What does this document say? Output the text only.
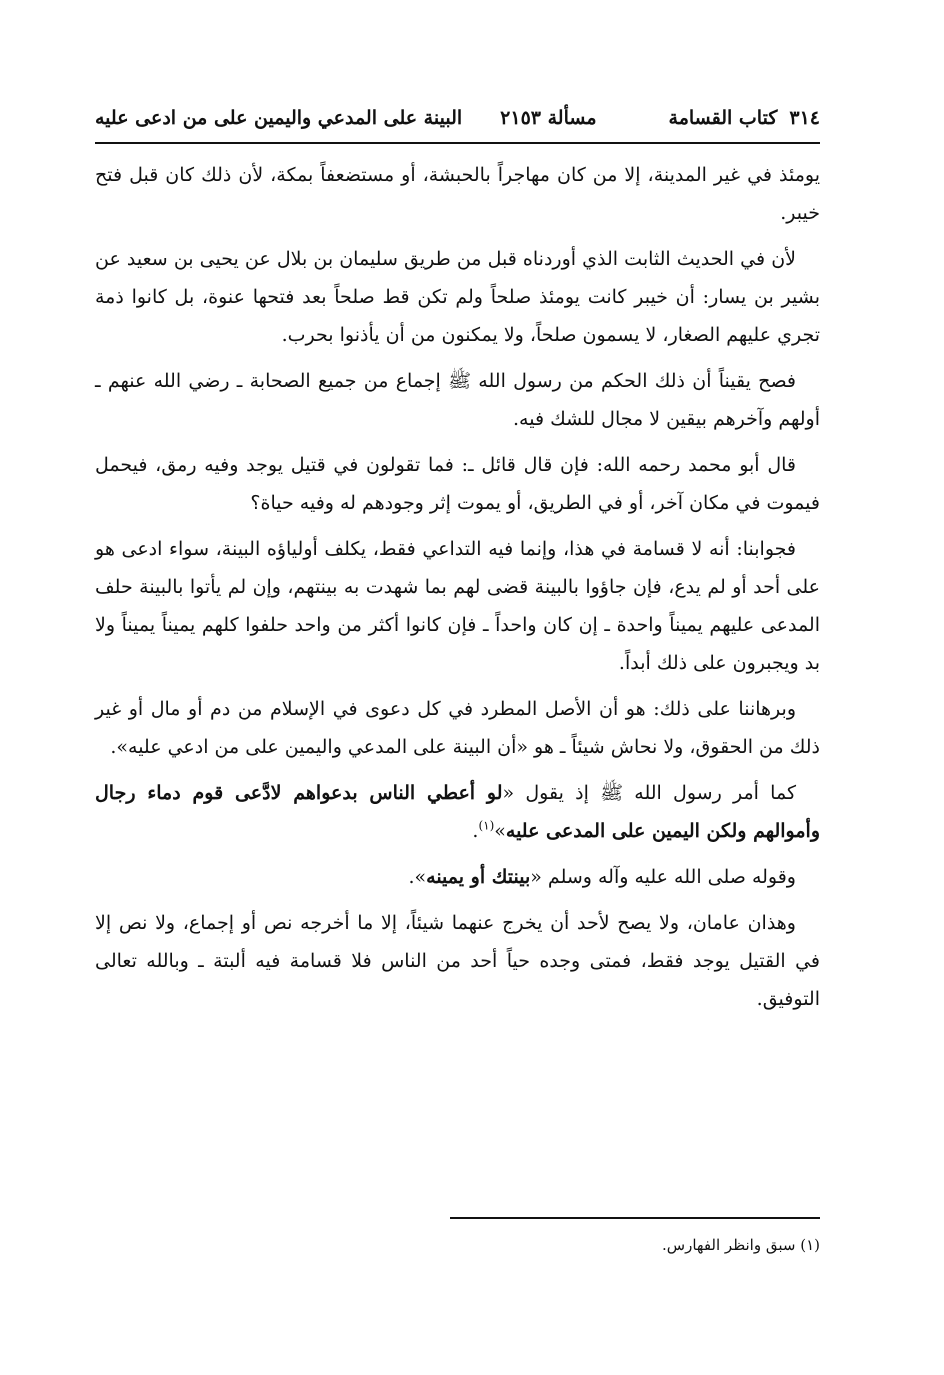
٣١٤
كتاب القسامة
مسألة ٢١٥٣
البينة على المدعي واليمين على من ادعى عليه

يومئذ في غير المدينة، إلا من كان مهاجراً بالحبشة، أو مستضعفاً بمكة، لأن ذلك كان قبل فتح خيبر.

لأن في الحديث الثابت الذي أوردناه قبل من طريق سليمان بن بلال عن يحيى بن سعيد عن بشير بن يسار: أن خيبر كانت يومئذ صلحاً ولم تكن قط صلحاً بعد فتحها عنوة، بل كانوا ذمة تجري عليهم الصغار، لا يسمون صلحاً، ولا يمكنون من أن يأذنوا بحرب.

فصح يقيناً أن ذلك الحكم من رسول الله ﷺ إجماع من جميع الصحابة ـ رضي الله عنهم ـ أولهم وآخرهم بيقين لا مجال للشك فيه.

قال أبو محمد رحمه الله: فإن قال قائل ـ: فما تقولون في قتيل يوجد وفيه رمق، فيحمل فيموت في مكان آخر، أو في الطريق، أو يموت إثر وجودهم له وفيه حياة؟

فجوابنا: أنه لا قسامة في هذا، وإنما فيه التداعي فقط، يكلف أولياؤه البينة، سواء ادعى هو على أحد أو لم يدع، فإن جاؤوا بالبينة قضى لهم بما شهدت به بينتهم، وإن لم يأتوا بالبينة حلف المدعى عليهم يميناً واحدة ـ إن كان واحداً ـ فإن كانوا أكثر من واحد حلفوا كلهم يميناً يميناً ولا بد ويجبرون على ذلك أبداً.

وبرهاننا على ذلك: هو أن الأصل المطرد في كل دعوى في الإسلام من دم أو مال أو غير ذلك من الحقوق، ولا نحاش شيئاً ـ هو «أن البينة على المدعي واليمين على من ادعي عليه».

كما أمر رسول الله ﷺ إذ يقول «لو أعطي الناس بدعواهم لادَّعى قوم دماء رجال وأموالهم ولكن اليمين على المدعى عليه»$^{(١)}$.

وقوله صلى الله عليه وآله وسلم «بينتك أو يمينه».

وهذان عامان، ولا يصح لأحد أن يخرج عنهما شيئاً، إلا ما أخرجه نص أو إجماع، ولا نص إلا في القتيل يوجد فقط، فمتى وجده حياً أحد من الناس فلا قسامة فيه ألبتة ـ وبالله تعالى التوفيق.

(١) سبق وانظر الفهارس.
